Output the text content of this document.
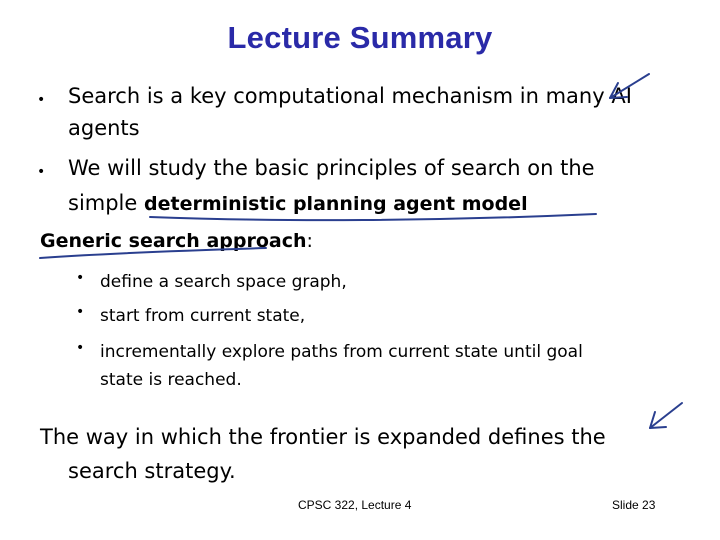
Lecture Summary
• Search is a key computational mechanism in many AI
agents
• We will study the basic principles of search on the
simple deterministic planning agent model
Generic search approach:
• define a search space graph,
• start from current state,
• incrementally explore paths from current state until goal
state is reached.
The way in which the frontier is expanded defines the
search strategy.
CPSC 322, Lecture 4	Slide 23
